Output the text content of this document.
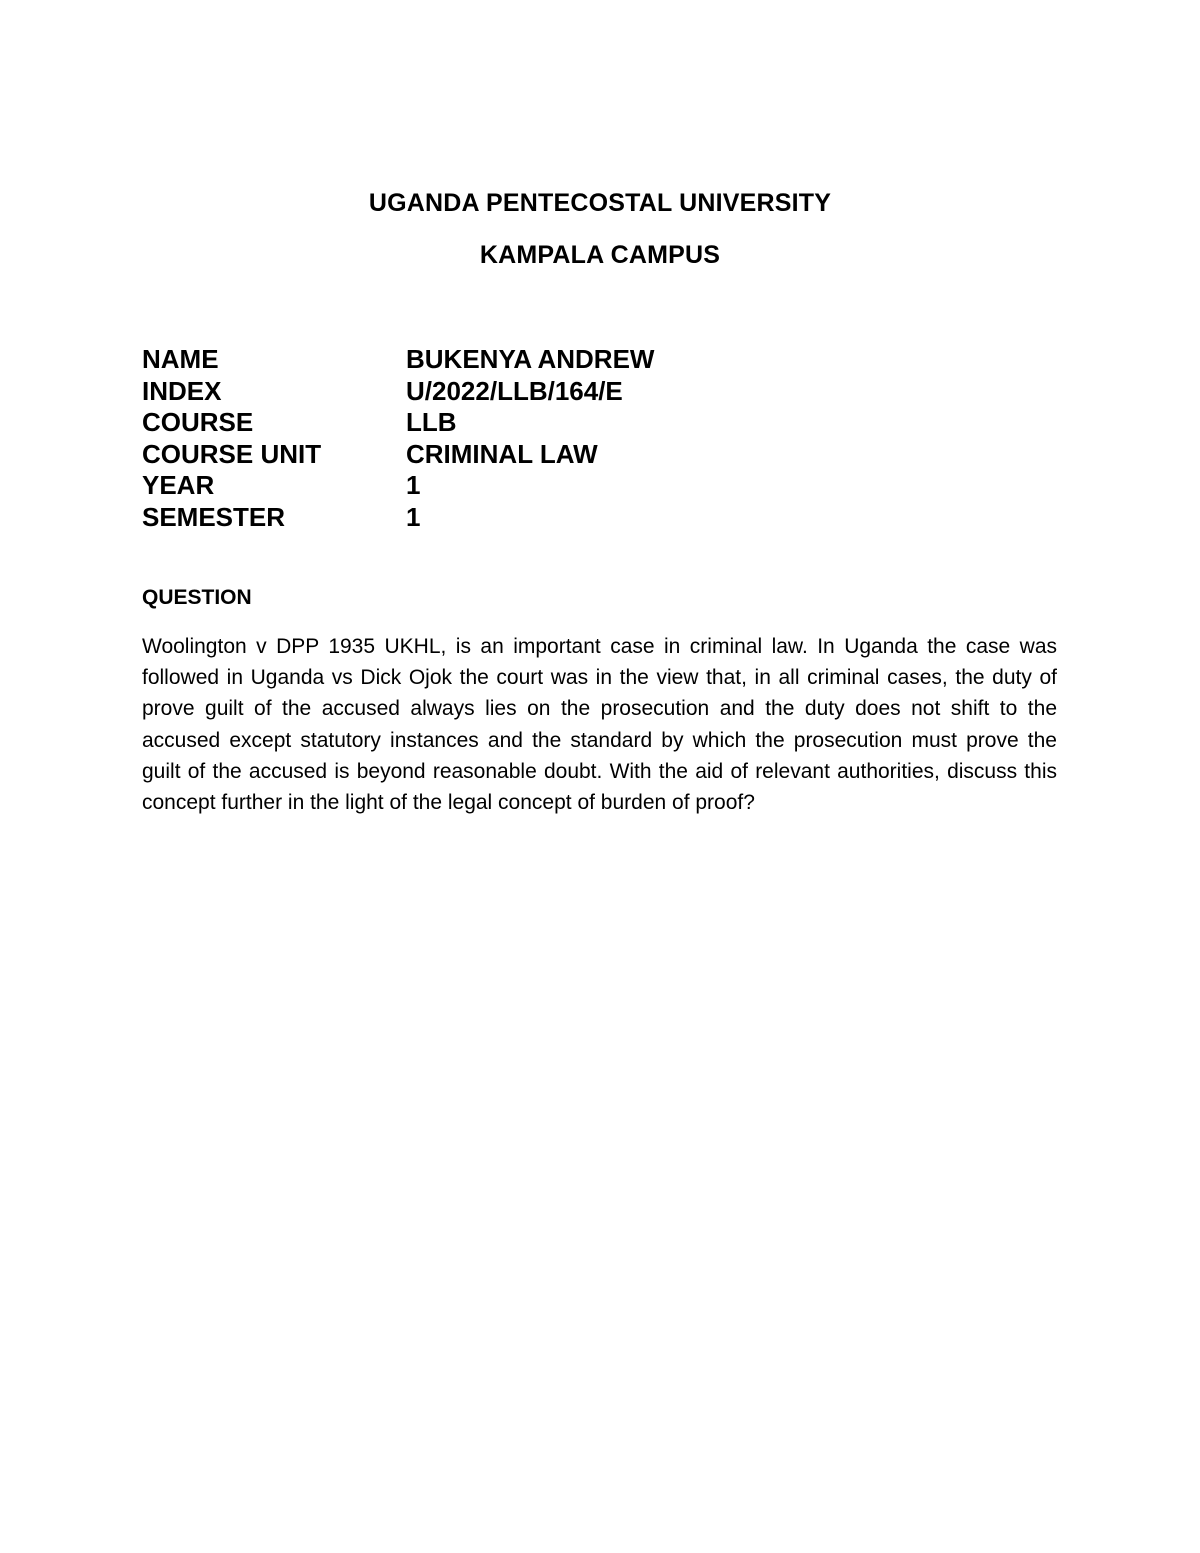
UGANDA PENTECOSTAL UNIVERSITY
KAMPALA CAMPUS
NAME	BUKENYA ANDREW
INDEX	U/2022/LLB/164/E
COURSE	LLB
COURSE UNIT	CRIMINAL LAW
YEAR	1
SEMESTER	1
QUESTION
Woolington v DPP 1935 UKHL, is an important case in criminal law. In Uganda the case was followed in Uganda vs Dick Ojok the court was in the view that, in all criminal cases, the duty of prove guilt of the accused always lies on the prosecution and the duty does not shift to the accused except statutory instances and the standard by which the prosecution must prove the guilt of the accused is beyond reasonable doubt. With the aid of relevant authorities, discuss this concept further in the light of the legal concept of burden of proof?
